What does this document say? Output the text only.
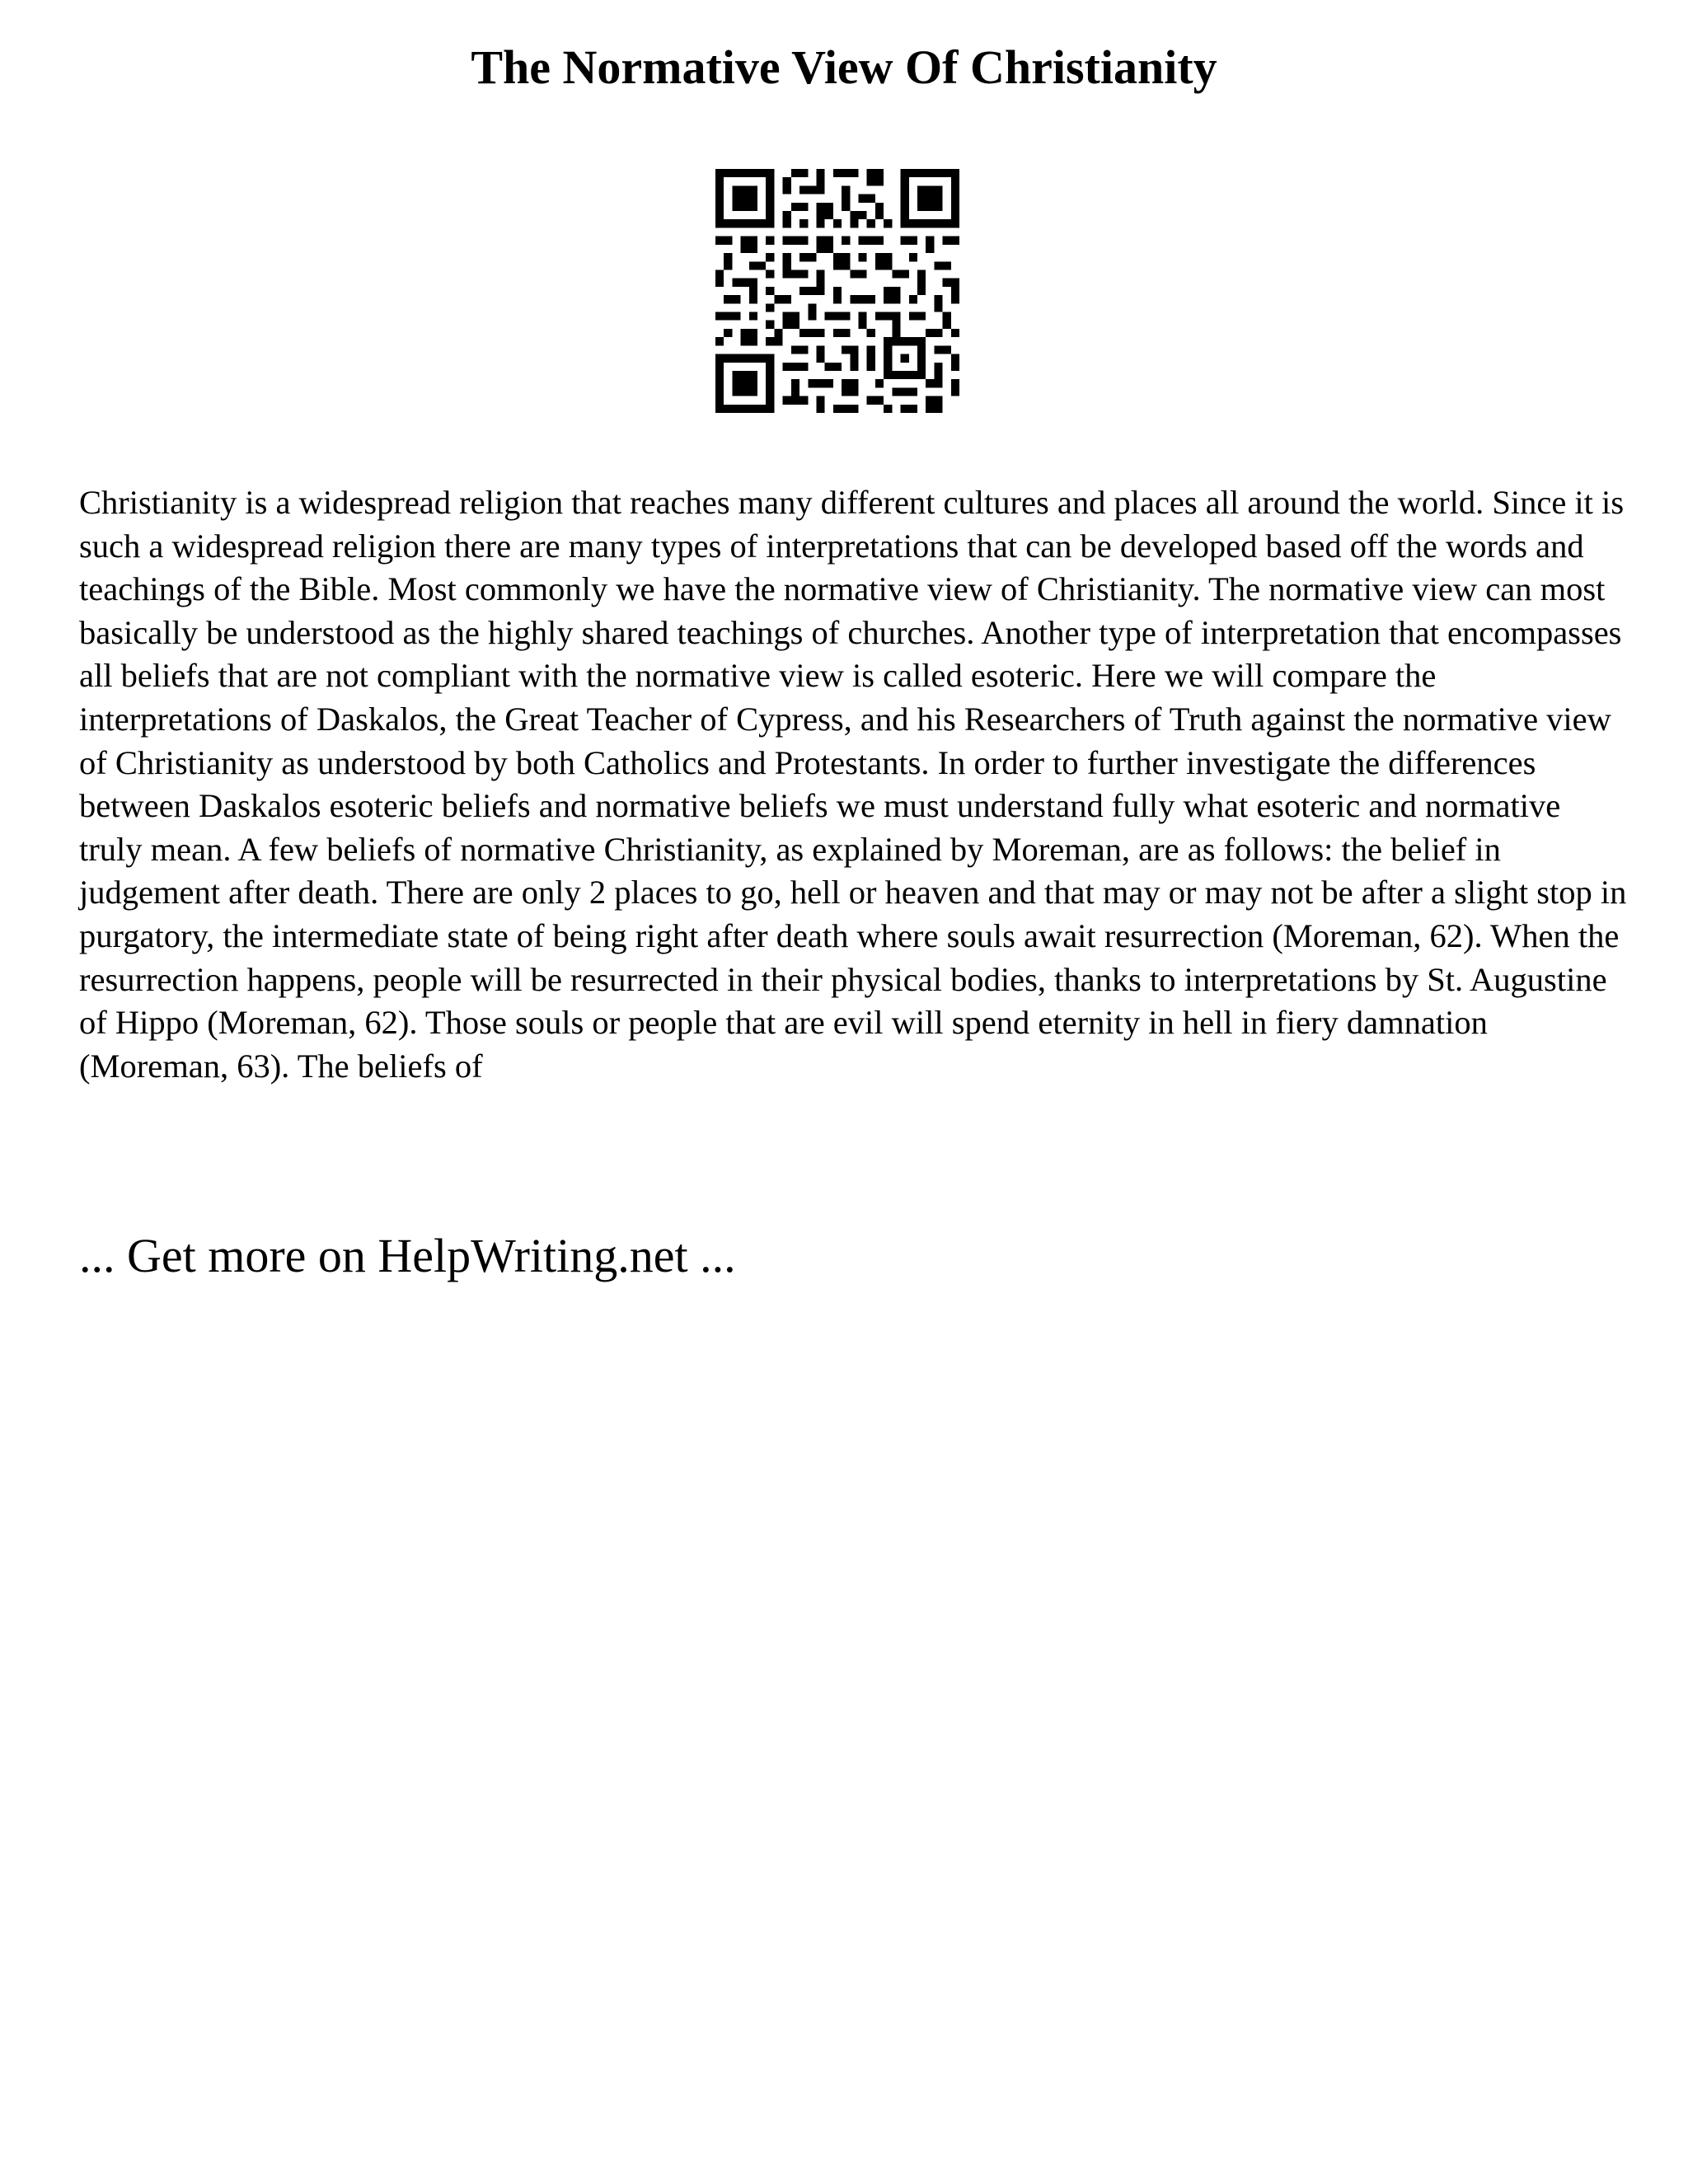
The Normative View Of Christianity

Christianity is a widespread religion that reaches many different cultures and places all around the world. Since it is such a widespread religion there are many types of interpretations that can be developed based off the words and teachings of the Bible. Most commonly we have the normative view of Christianity. The normative view can most basically be understood as the highly shared teachings of churches. Another type of interpretation that encompasses all beliefs that are not compliant with the normative view is called esoteric. Here we will compare the interpretations of Daskalos, the Great Teacher of Cypress, and his Researchers of Truth against the normative view of Christianity as understood by both Catholics and Protestants. In order to further investigate the differences between Daskalos esoteric beliefs and normative beliefs we must understand fully what esoteric and normative truly mean. A few beliefs of normative Christianity, as explained by Moreman, are as follows: the belief in judgement after death. There are only 2 places to go, hell or heaven and that may or may not be after a slight stop in purgatory, the intermediate state of being right after death where souls await resurrection (Moreman, 62). When the resurrection happens, people will be resurrected in their physical bodies, thanks to interpretations by St. Augustine of Hippo (Moreman, 62). Those souls or people that are evil will spend eternity in hell in fiery damnation (Moreman, 63). The beliefs of

... Get more on HelpWriting.net ...
